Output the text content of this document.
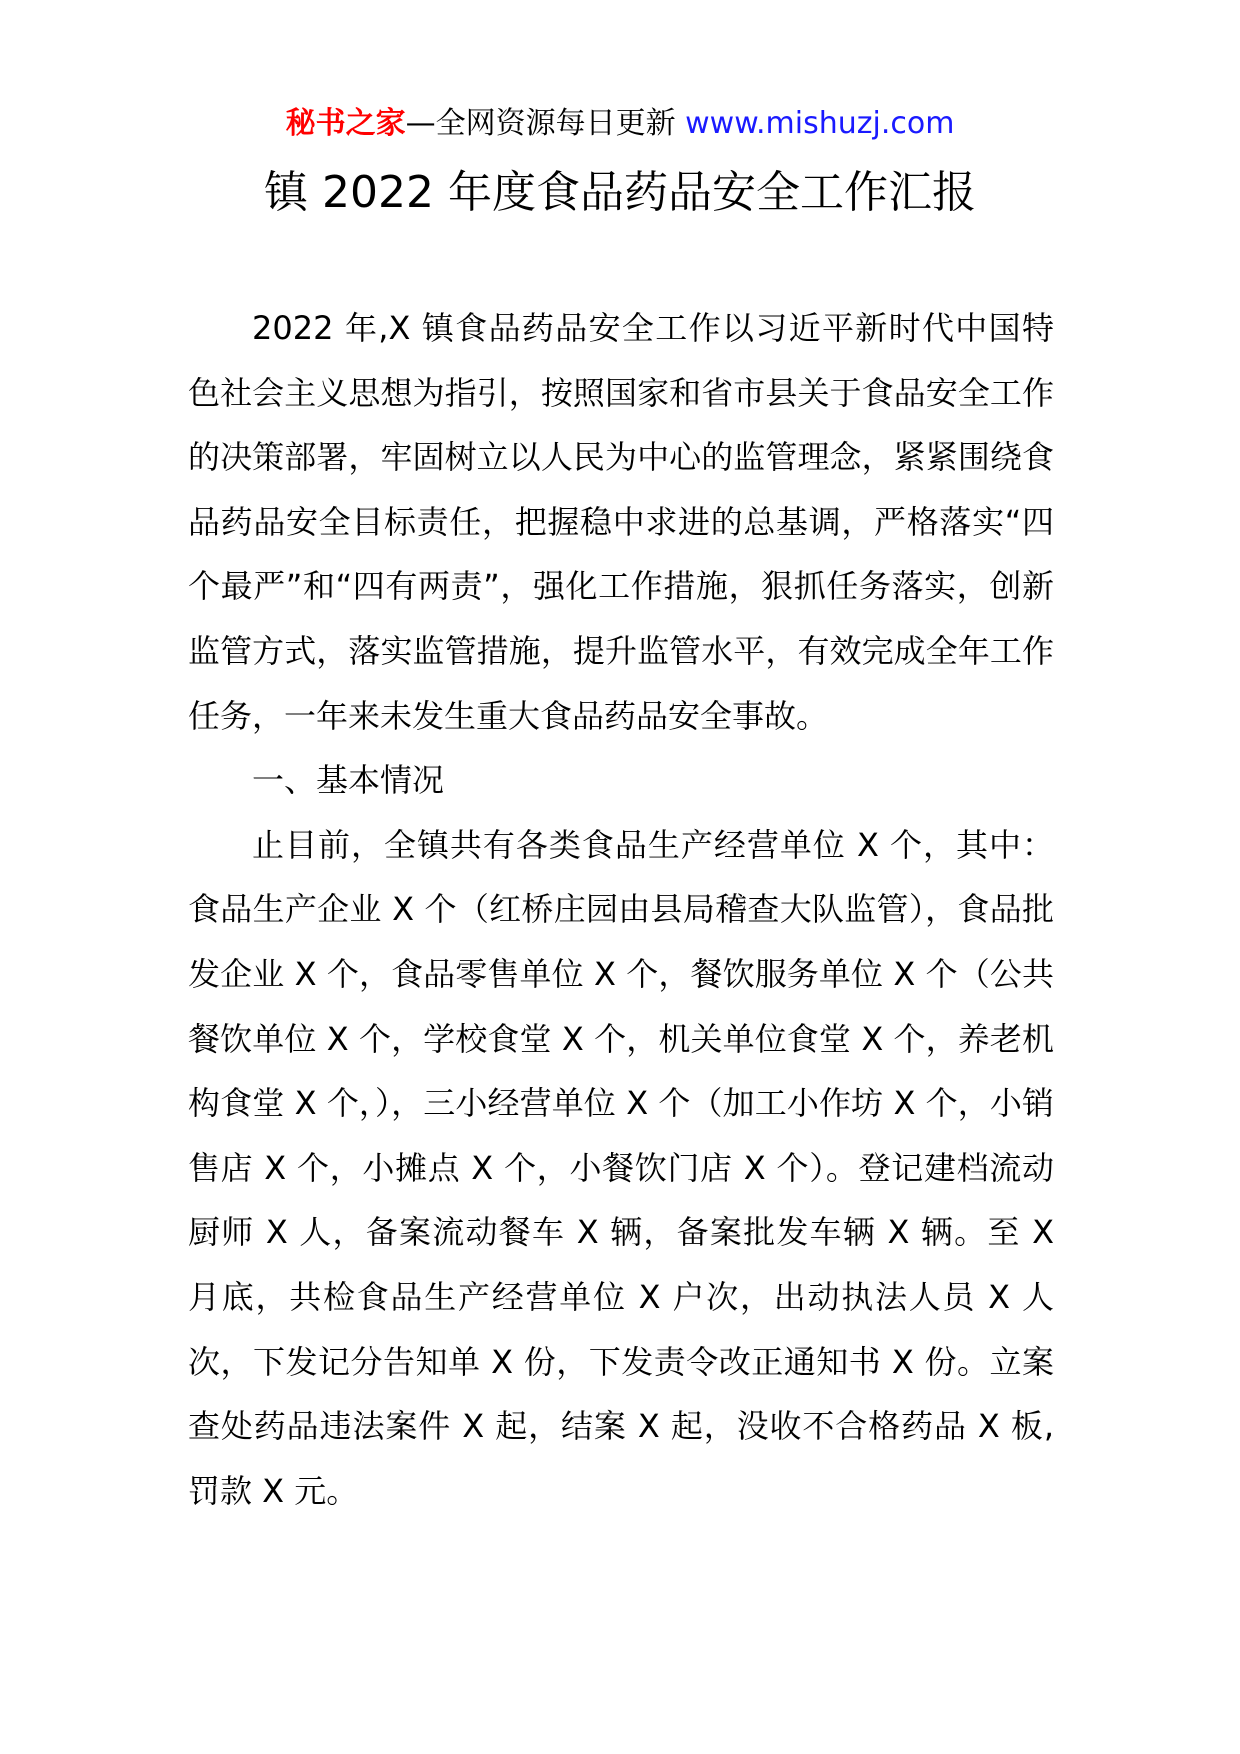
秘书之家—全网资源每日更新 www.mishuzj.com
镇 2022 年度食品药品安全工作汇报

2022 年,X 镇食品药品安全工作以习近平新时代中国特色社会主义思想为指引，按照国家和省市县关于食品安全工作的决策部署，牢固树立以人民为中心的监管理念，紧紧围绕食品药品安全目标责任，把握稳中求进的总基调，严格落实“四个最严”和“四有两责”，强化工作措施，狠抓任务落实，创新监管方式，落实监管措施，提升监管水平，有效完成全年工作任务，一年来未发生重大食品药品安全事故。

一、基本情况

止目前，全镇共有各类食品生产经营单位 X 个，其中：食品生产企业 X 个（红桥庄园由县局稽查大队监管），食品批发企业 X 个，食品零售单位 X 个，餐饮服务单位 X 个（公共餐饮单位 X 个，学校食堂 X 个，机关单位食堂 X 个，养老机构食堂 X 个，），三小经营单位 X 个（加工小作坊 X 个，小销售店 X 个，小摊点 X 个，小餐饮门店 X 个）。登记建档流动厨师 X 人，备案流动餐车 X 辆，备案批发车辆 X 辆。至 X 月底，共检食品生产经营单位 X 户次，出动执法人员 X 人次，下发记分告知单 X 份，下发责令改正通知书 X 份。立案查处药品违法案件 X 起，结案 X 起，没收不合格药品 X 板,罚款 X 元。
